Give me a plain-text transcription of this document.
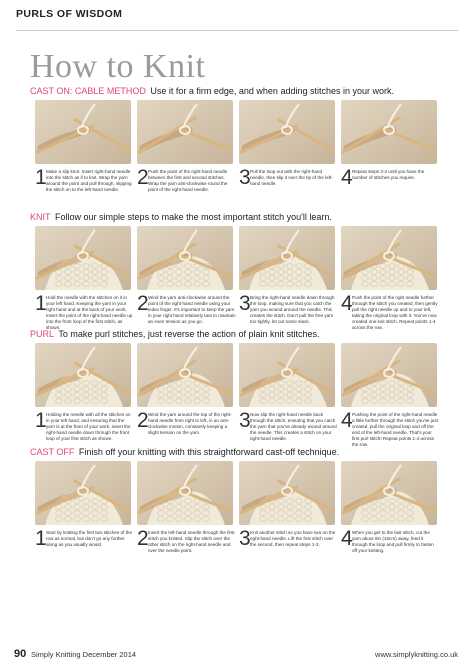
PURLS OF WISDOM
How to Knit
CAST ON: CABLE METHOD Use it for a firm edge, and when adding stitches in your work.
1 Make a slip knot. Insert right-hand needle into the stitch as if to knit. Wrap the yarn around the point and pull through, slipping the stitch on to the left-hand needle.
2 Push the point of the right-hand needle between the first and second stitches. Wrap the yarn anti-clockwise round the point of the right-hand needle.
3 Pull the loop out with the right-hand needle, then slip it over the tip of the left-hand needle.	4 Repeat steps 2-3 until you have the number of stitches you require.
KNIT Follow our simple steps to make the most important stitch you'll learn.
1 Hold the needle with the stitches on it in your left hand. Keeping the yarn in your right hand and at the back of your work, insert the point of the right-hand needle up into the front loop of the first stitch, as shown.
2 Wind the yarn anti-clockwise around the point of the right-hand needle using your index finger. It's important to keep the yarn in your right hand relatively taut to maintain an even tension as you go.
3 Bring the right-hand needle down through the loop, making sure that you catch the yarn you wound around the needle. This creates the stitch. Don't pull the free yarn too tightly, let out some slack.
4 Push the point of the right needle further through the stitch you created, then gently pull the right needle up and to your left, taking the original loop with it. You've now created one knit stitch. Repeat points 1-4 across the row.
PURL To make purl stitches, just reverse the action of plain knit stitches.
1 Holding the needle with all the stitches on in your left hand, and ensuring that the yarn is at the front of your work, insert the right-hand needle down through the front loop of your first stitch as shown.
2 Wind the yarn around the top of the right-hand needle from right to left, in an anti-clockwise motion, constantly keeping a slight tension on the yarn.
3 Now slip the right-hand needle back through the stitch, ensuring that you catch the yarn that you've already wound around the needle. This creates a stitch on your right-hand needle.
4 Pushing the point of the right-hand needle a little further through the stitch you've just created, pull the original loop and off the end of the left-hand needle. That's your first purl stitch! Repeat points 1-4 across the row.
CAST OFF Finish off your knitting with this straightforward cast-off technique.
1 Start by knitting the first two stitches of the row as normal, but don't go any further along as you usually would.	2 Insert the left-hand needle through the first stitch you knitted. Slip the stitch over the other stitch on the right-hand needle and over the needle point.
3 Knit another stitch so you have two on the right-hand needle. Lift the first stitch over the second, then repeat steps 1-3.	4 When you get to the last stitch, cut the yarn about 8in (15cm) away, feed it through the loop and pull firmly to fasten off your knitting.
90 Simply Knitting December 2014	www.simplyknitting.co.uk
